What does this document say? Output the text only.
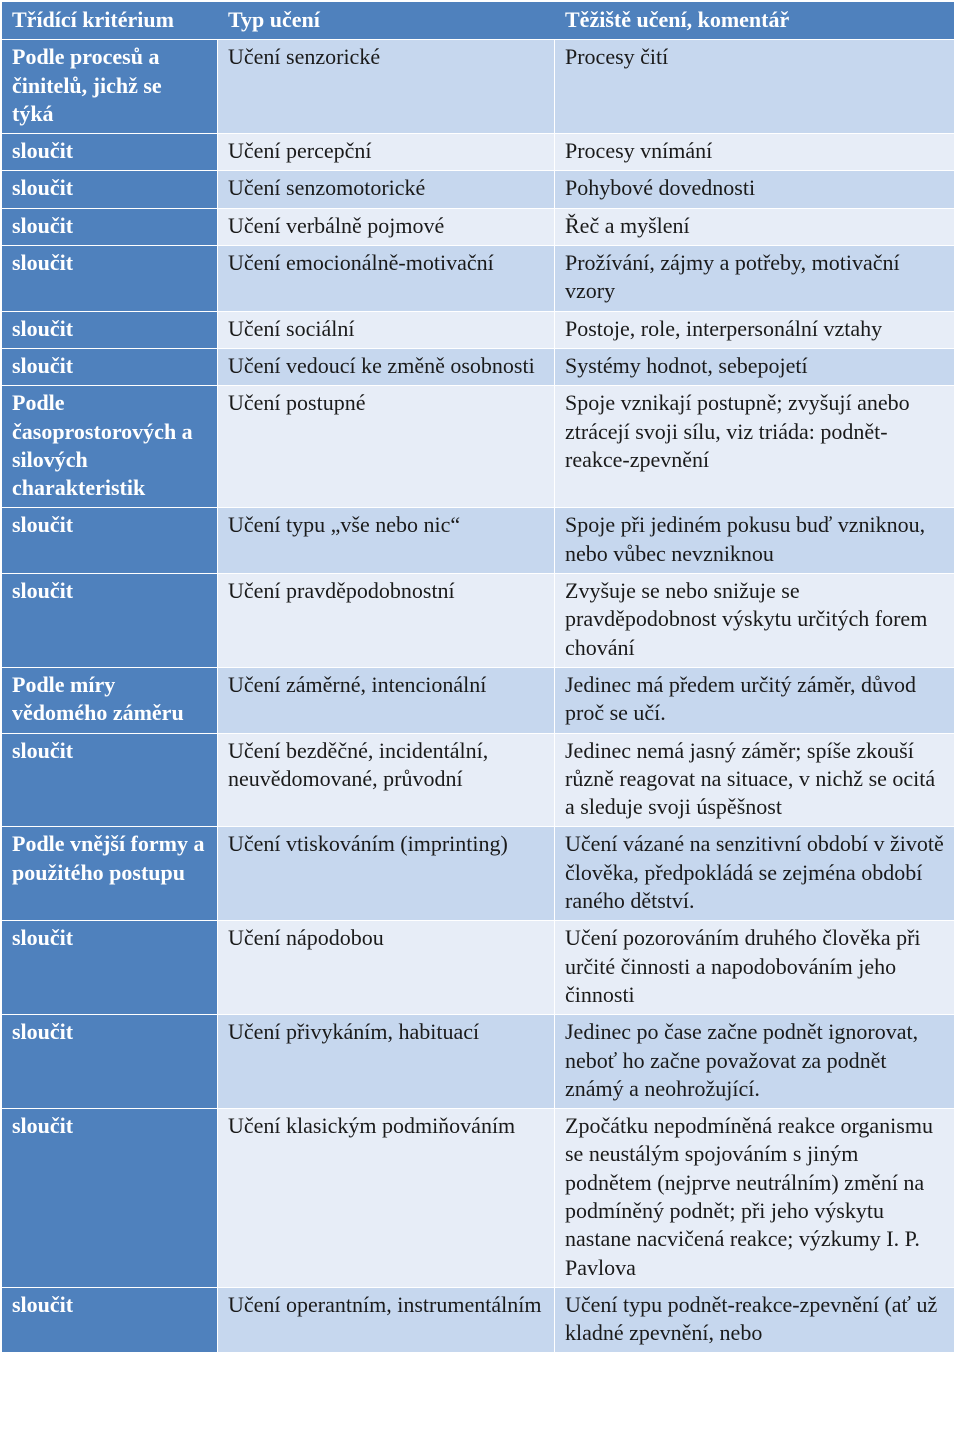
Třídící kritérium	Typ učení	Těžiště učení, komentář
Podle procesů a činitelů, jichž se týká	Učení senzorické	Procesy čití
sloučit	Učení percepční	Procesy vnímání
sloučit	Učení senzomotorické	Pohybové dovednosti
sloučit	Učení verbálně pojmové	Řeč a myšlení
sloučit	Učení emocionálně-motivační	Prožívání, zájmy a potřeby, motivační vzory
sloučit	Učení sociální	Postoje, role, interpersonální vztahy
sloučit	Učení vedoucí ke změně osobnosti	Systémy hodnot, sebepojetí
Podle časoprostorových a silových charakteristik	Učení postupné	Spoje vznikají postupně; zvyšují anebo ztrácejí svoji sílu, viz triáda: podnět-reakce-zpevnění
sloučit	Učení typu „vše nebo nic“	Spoje při jediném pokusu buď vzniknou, nebo vůbec nevzniknou
sloučit	Učení pravděpodobnostní	Zvyšuje se nebo snižuje se pravděpodobnost výskytu určitých forem chování
Podle míry vědomého záměru	Učení záměrné, intencionální	Jedinec má předem určitý záměr, důvod proč se učí.
sloučit	Učení bezděčné, incidentální, neuvědomované, průvodní	Jedinec nemá jasný záměr; spíše zkouší různě reagovat na situace, v nichž se ocitá a sleduje svoji úspěšnost
Podle vnější formy a použitého postupu	Učení vtiskováním (imprinting)	Učení vázané na senzitivní období v životě člověka, předpokládá se zejména období raného dětství.
sloučit	Učení nápodobou	Učení pozorováním druhého člověka při určité činnosti a napodobováním jeho činnosti
sloučit	Učení přivykáním, habituací	Jedinec po čase začne podnět ignorovat, neboť ho začne považovat za podnět známý a neohrožující.
sloučit	Učení klasickým podmiňováním	Zpočátku nepodmíněná reakce organismu se neustálým spojováním s jiným podnětem (nejprve neutrálním) změní na podmíněný podnět; při jeho výskytu nastane nacvičená reakce; výzkumy I. P. Pavlova
sloučit	Učení operantním, instrumentálním	Učení typu podnět-reakce-zpevnění (ať už kladné zpevnění, nebo
